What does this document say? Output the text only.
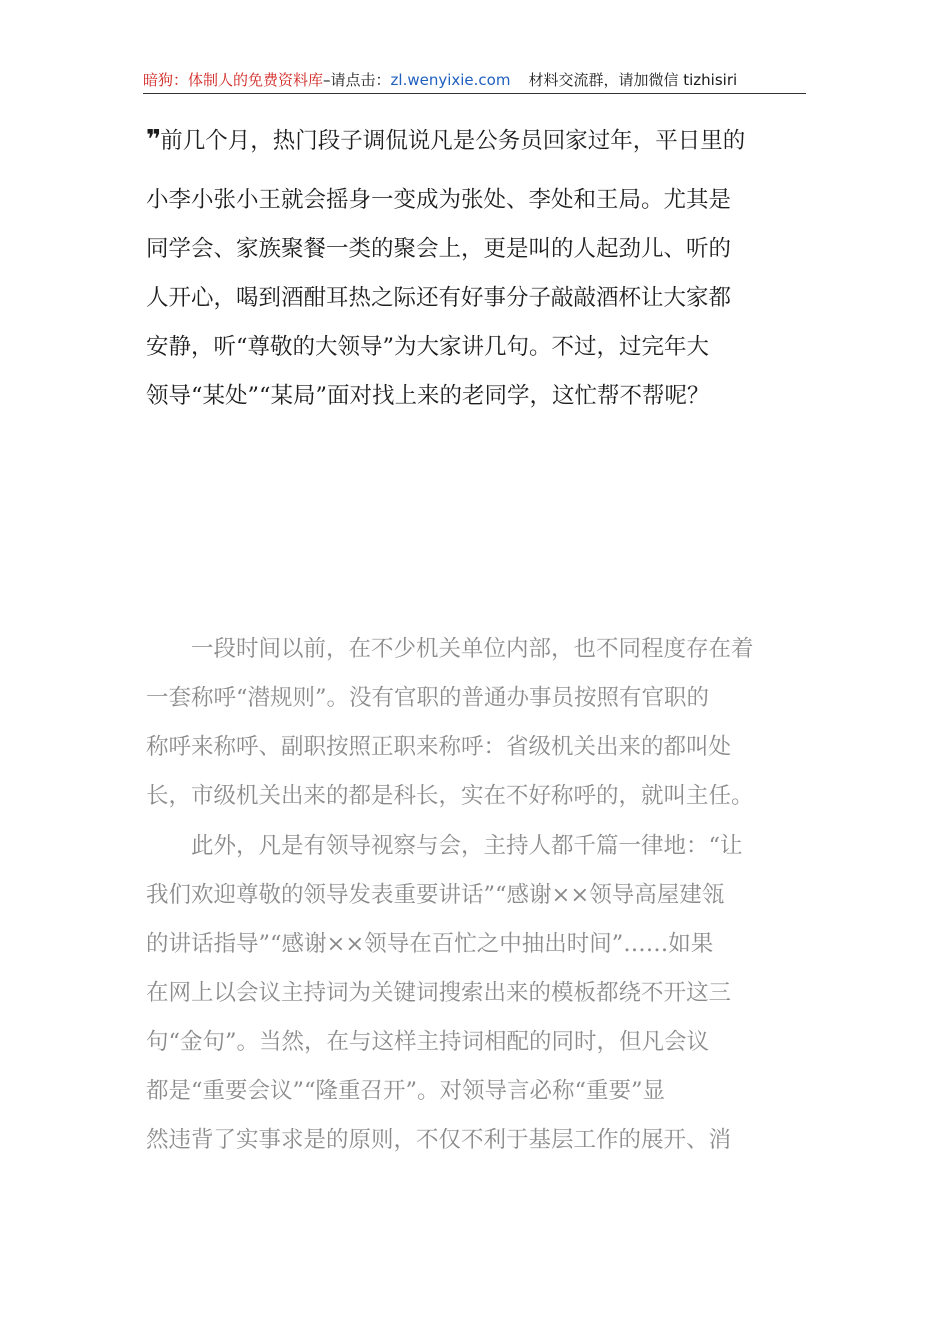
暗狗：体制人的免费资料库–请点击：zl.wenyixie.com 材料交流群，请加微信 tizhisiri
❞前几个月，热门段子调侃说凡是公务员回家过年，平日里的
小李小张小王就会摇身一变成为张处、李处和王局。尤其是
同学会、家族聚餐一类的聚会上，更是叫的人起劲儿、听的
人开心，喝到酒酣耳热之际还有好事分子敲敲酒杯让大家都
安静，听“尊敬的大领导”为大家讲几句。不过，过完年大
领导“某处”“某局”面对找上来的老同学，这忙帮不帮呢？
　　一段时间以前，在不少机关单位内部，也不同程度存在着
一套称呼“潜规则”。没有官职的普通办事员按照有官职的
称呼来称呼、副职按照正职来称呼：省级机关出来的都叫处
长，市级机关出来的都是科长，实在不好称呼的，就叫主任。
　　此外，凡是有领导视察与会，主持人都千篇一律地：“让
我们欢迎尊敬的领导发表重要讲话”“感谢××领导高屋建瓴
的讲话指导”“感谢××领导在百忙之中抽出时间”……如果
在网上以会议主持词为关键词搜索出来的模板都绕不开这三
句“金句”。当然，在与这样主持词相配的同时，但凡会议
都是“重要会议”“隆重召开”。对领导言必称“重要”显
然违背了实事求是的原则，不仅不利于基层工作的展开、消
